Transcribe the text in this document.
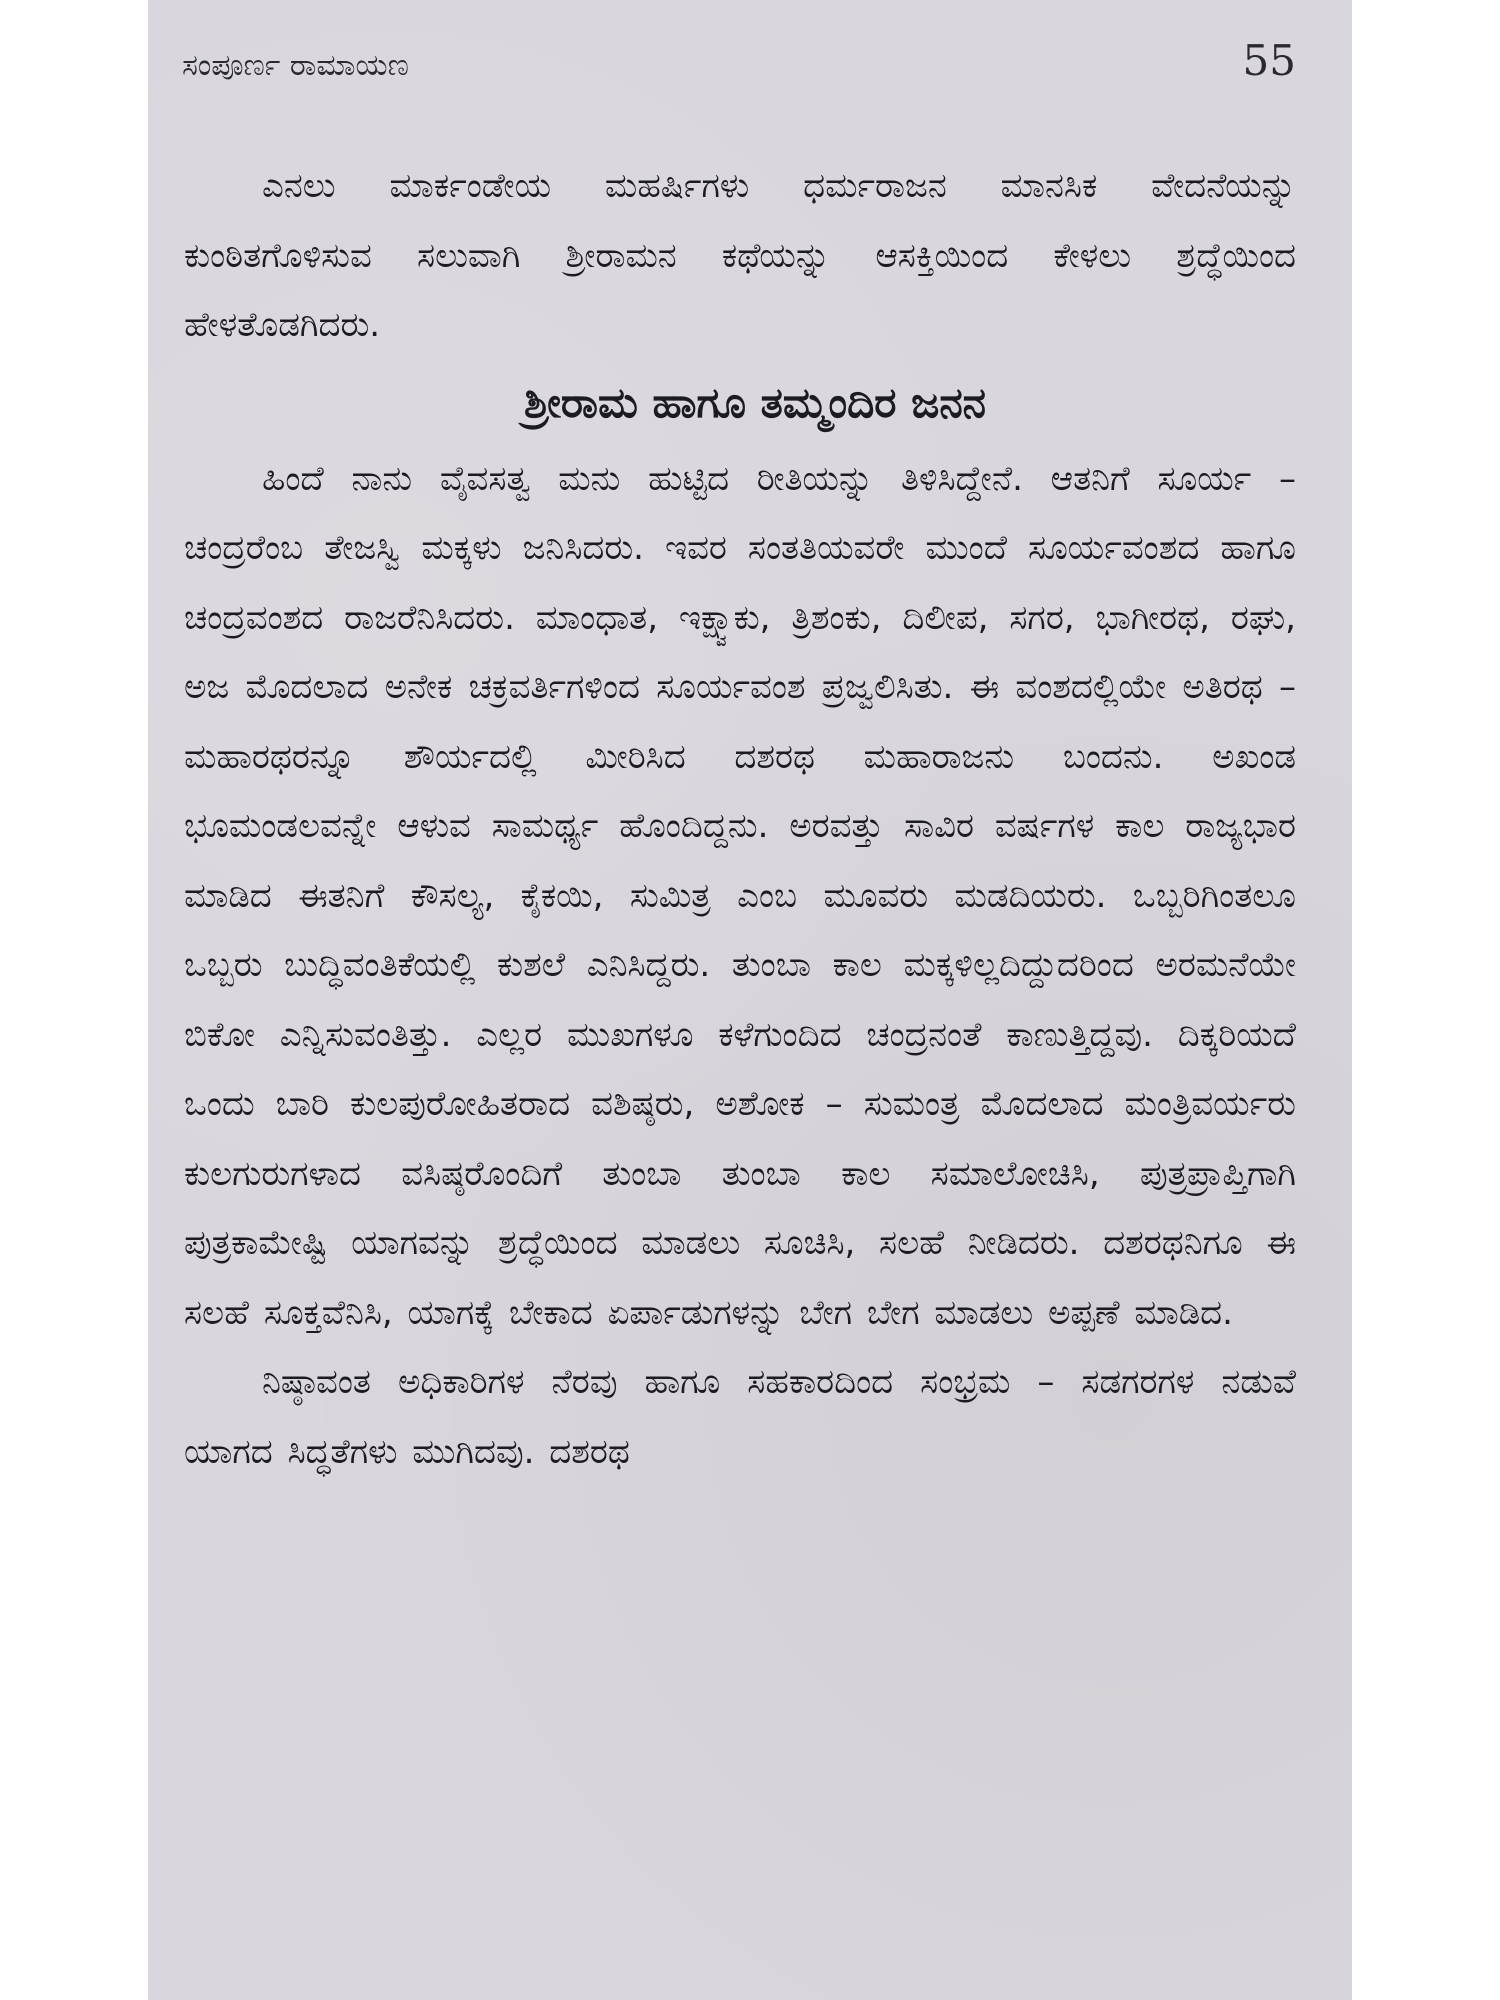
ಸಂಪೂರ್ಣ ರಾಮಾಯಣ	55

ಎನಲು ಮಾರ್ಕಂಡೇಯ ಮಹರ್ಷಿಗಳು ಧರ್ಮರಾಜನ ಮಾನಸಿಕ ವೇದನೆಯನ್ನು ಕುಂಠಿತಗೊಳಿಸುವ ಸಲುವಾಗಿ ಶ್ರೀರಾಮನ ಕಥೆಯನ್ನು ಆಸಕ್ತಿಯಿಂದ ಕೇಳಲು ಶ್ರದ್ಧೆಯಿಂದ ಹೇಳತೊಡಗಿದರು.

ಶ್ರೀರಾಮ ಹಾಗೂ ತಮ್ಮಂದಿರ ಜನನ

ಹಿಂದೆ ನಾನು ವೈವಸತ್ವ ಮನು ಹುಟ್ಟಿದ ರೀತಿಯನ್ನು ತಿಳಿಸಿದ್ದೇನೆ. ಆತನಿಗೆ ಸೂರ್ಯ – ಚಂದ್ರರೆಂಬ ತೇಜಸ್ವಿ ಮಕ್ಕಳು ಜನಿಸಿದರು. ಇವರ ಸಂತತಿಯವರೇ ಮುಂದೆ ಸೂರ್ಯವಂಶದ ಹಾಗೂ ಚಂದ್ರವಂಶದ ರಾಜರೆನಿಸಿದರು. ಮಾಂಧಾತ, ಇಕ್ಷ್ವಾಕು, ತ್ರಿಶಂಕು, ದಿಲೀಪ, ಸಗರ, ಭಾಗೀರಥ, ರಘು, ಅಜ ಮೊದಲಾದ ಅನೇಕ ಚಕ್ರವರ್ತಿಗಳಿಂದ ಸೂರ್ಯವಂಶ ಪ್ರಜ್ವಲಿಸಿತು. ಈ ವಂಶದಲ್ಲಿಯೇ ಅತಿರಥ – ಮಹಾರಥರನ್ನೂ ಶೌರ್ಯದಲ್ಲಿ ಮೀರಿಸಿದ ದಶರಥ ಮಹಾರಾಜನು ಬಂದನು. ಅಖಂಡ ಭೂಮಂಡಲವನ್ನೇ ಆಳುವ ಸಾಮರ್ಥ್ಯ ಹೊಂದಿದ್ದನು. ಅರವತ್ತು ಸಾವಿರ ವರ್ಷಗಳ ಕಾಲ ರಾಜ್ಯಭಾರ ಮಾಡಿದ ಈತನಿಗೆ ಕೌಸಲ್ಯ, ಕೈಕಯಿ, ಸುಮಿತ್ರ ಎಂಬ ಮೂವರು ಮಡದಿಯರು. ಒಬ್ಬರಿಗಿಂತಲೂ ಒಬ್ಬರು ಬುದ್ಧಿವಂತಿಕೆಯಲ್ಲಿ ಕುಶಲೆ ಎನಿಸಿದ್ದರು. ತುಂಬಾ ಕಾಲ ಮಕ್ಕಳಿಲ್ಲದಿದ್ದುದರಿಂದ ಅರಮನೆಯೇ ಬಿಕೋ ಎನ್ನಿಸುವಂತಿತ್ತು. ಎಲ್ಲರ ಮುಖಗಳೂ ಕಳೆಗುಂದಿದ ಚಂದ್ರನಂತೆ ಕಾಣುತ್ತಿದ್ದವು. ದಿಕ್ಕರಿಯದೆ ಒಂದು ಬಾರಿ ಕುಲಪುರೋಹಿತರಾದ ವಶಿಷ್ಠರು, ಅಶೋಕ – ಸುಮಂತ್ರ ಮೊದಲಾದ ಮಂತ್ರಿವರ್ಯರು ಕುಲಗುರುಗಳಾದ ವಸಿಷ್ಠರೊಂದಿಗೆ ತುಂಬಾ ತುಂಬಾ ಕಾಲ ಸಮಾಲೋಚಿಸಿ, ಪುತ್ರಪ್ರಾಪ್ತಿಗಾಗಿ ಪುತ್ರಕಾಮೇಷ್ಟಿ ಯಾಗವನ್ನು ಶ್ರದ್ಧೆಯಿಂದ ಮಾಡಲು ಸೂಚಿಸಿ, ಸಲಹೆ ನೀಡಿದರು. ದಶರಥನಿಗೂ ಈ ಸಲಹೆ ಸೂಕ್ತವೆನಿಸಿ, ಯಾಗಕ್ಕೆ ಬೇಕಾದ ಏರ್ಪಾಡುಗಳನ್ನು ಬೇಗ ಬೇಗ ಮಾಡಲು ಅಪ್ಪಣೆ ಮಾಡಿದ.

ನಿಷ್ಠಾವಂತ ಅಧಿಕಾರಿಗಳ ನೆರವು ಹಾಗೂ ಸಹಕಾರದಿಂದ ಸಂಭ್ರಮ – ಸಡಗರಗಳ ನಡುವೆ ಯಾಗದ ಸಿದ್ಧತೆಗಳು ಮುಗಿದವು. ದಶರಥ
